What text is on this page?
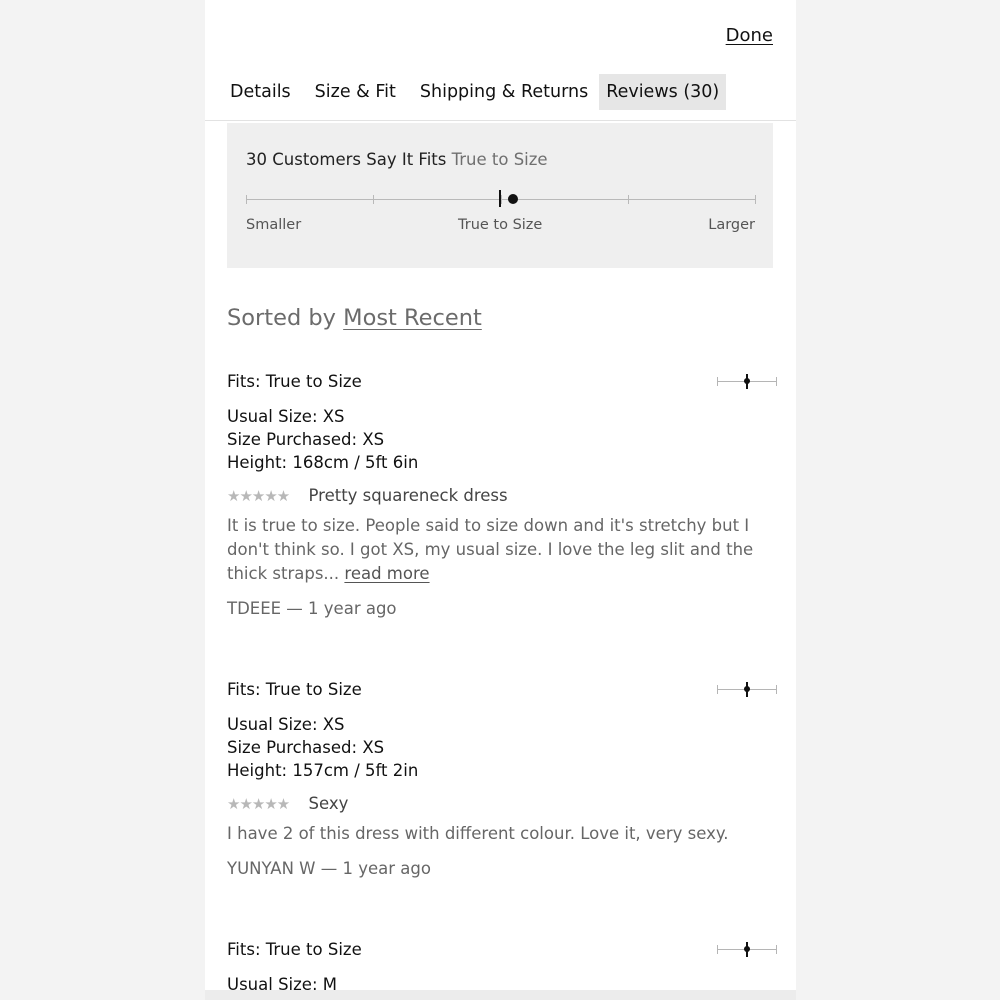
Done
Details	Size & Fit	Shipping & Returns	Reviews (30)
30 Customers Say It Fits True to Size
Smaller	True to Size	Larger
Sorted by Most Recent
Fits: True to Size
Usual Size: XS
Size Purchased: XS
Height: 168cm / 5ft 6in
★★★★★ Pretty squareneck dress
It is true to size. People said to size down and it's stretchy but I don't think so. I got XS, my usual size. I love the leg slit and the thick straps... read more
TDEEE — 1 year ago
Fits: True to Size
Usual Size: XS
Size Purchased: XS
Height: 157cm / 5ft 2in
★★★★★ Sexy
I have 2 of this dress with different colour. Love it, very sexy.
YUNYAN W — 1 year ago
Fits: True to Size
Usual Size: M
